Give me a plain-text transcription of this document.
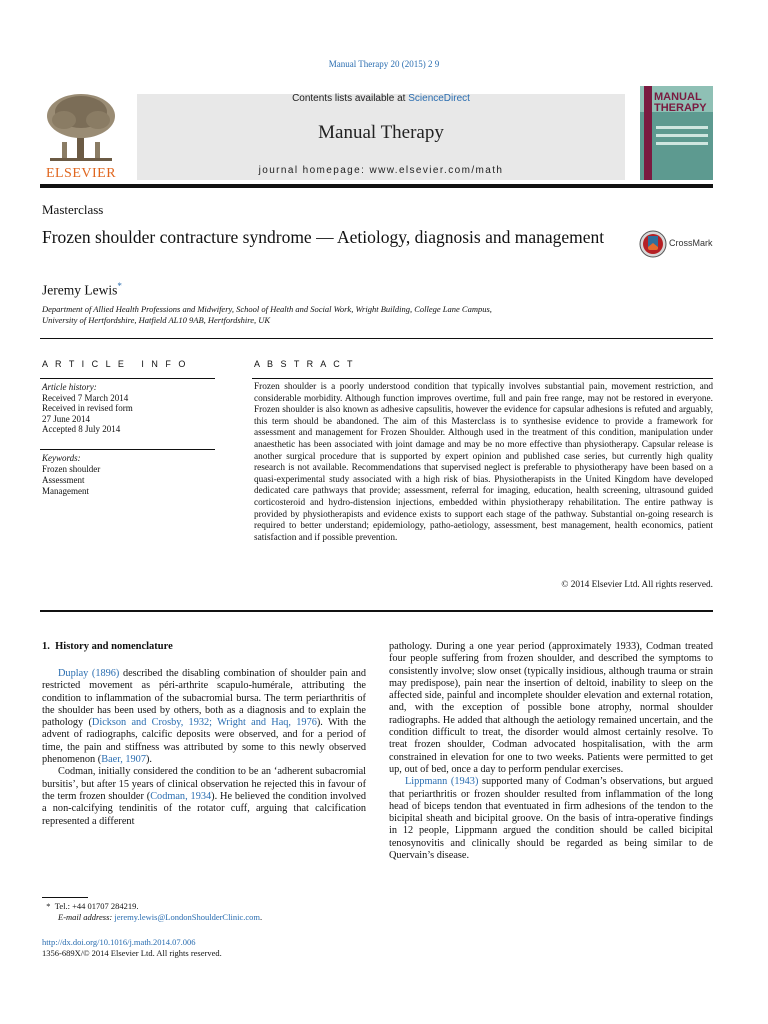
Manual Therapy 20 (2015) 2 9
ELSEVIER
Contents lists available at ScienceDirect
Manual Therapy
journal homepage: www.elsevier.com/math
MANUAL THERAPY
Masterclass
Frozen shoulder contracture syndrome — Aetiology, diagnosis and management	CrossMark
Jeremy Lewis*
Department of Allied Health Professions and Midwifery, School of Health and Social Work, Wright Building, College Lane Campus,
University of Hertfordshire, Hatfield AL10 9AB, Hertfordshire, UK
A R T I C L E   I N F O
Article history:
Received 7 March 2014
Received in revised form
27 June 2014
Accepted 8 July 2014
Keywords:
Frozen shoulder
Assessment
Management
A B S T R A C T
Frozen shoulder is a poorly understood condition that typically involves substantial pain, movement restriction, and considerable morbidity. Although function improves overtime, full and pain free range, may not be restored in everyone. Frozen shoulder is also known as adhesive capsulitis, however the evidence for capsular adhesions is refuted and arguably, this term should be abandoned. The aim of this Masterclass is to synthesise evidence to provide a framework for assessment and management for Frozen Shoulder. Although used in the treatment of this condition, manipulation under anaesthetic has been associated with joint damage and may be no more effective than physiotherapy. Capsular release is another surgical procedure that is supported by expert opinion and published case series, but currently high quality research is not available. Recommendations that supervised neglect is preferable to physiotherapy have been based on a quasi-experimental study associated with a high risk of bias. Physiotherapists in the United Kingdom have developed dedicated care pathways that provide; assessment, referral for imaging, education, health screening, ultrasound guided corticosteroid and hydro-distension injections, embedded within physiotherapy rehabilitation. The entire pathway is provided by physiotherapists and evidence exists to support each stage of the pathway. Substantial on-going research is required to better understand; epidemiology, patho-aetiology, assessment, best management, health economics, patient satisfaction and if possible prevention.
© 2014 Elsevier Ltd. All rights reserved.
1.  History and nomenclature

Duplay (1896) described the disabling combination of shoulder pain and restricted movement as péri-arthrite scapulo-humérale, attributing the condition to inflammation of the subacromial bursa. The term periarthritis of the shoulder has been used by others, both as a diagnosis and to explain the pathology (Dickson and Crosby, 1932; Wright and Haq, 1976). With the advent of radiographs, calcific deposits were observed, and for a period of time, the pain and stiffness was attributed by some to this newly observed phenomenon (Baer, 1907).

Codman, initially considered the condition to be an ‘adherent subacromial bursitis’, but after 15 years of clinical observation he rejected this in favour of the term frozen shoulder (Codman, 1934). He believed the condition involved a non-calcifying tendinitis of the rotator cuff, arguing that calcification represented a different

pathology. During a one year period (approximately 1933), Codman treated four people suffering from frozen shoulder, and described the symptoms to consistently involve; slow onset (typically insidious, although trauma or strain may predispose), pain near the insertion of deltoid, inability to sleep on the affected side, painful and incomplete shoulder elevation and external rotation, and, with the exception of possible bone atrophy, normal shoulder radiographs. He added that although the aetiology remained uncertain, and the condition difficult to treat, the disorder would almost certainly resolve. To treat frozen shoulder, Codman advocated hospitalisation, with the arm constrained in elevation for one to two weeks. Patients were permitted to get up, out of bed, once a day to perform pendular exercises.

Lippmann (1943) supported many of Codman’s observations, but argued that periarthritis or frozen shoulder resulted from inflammation of the long head of biceps tendon that eventuated in firm adhesions of the tendon to the bicipital sheath and bicipital groove. On the basis of intra-operative findings in 12 people, Lippmann argued the condition should be called bicipital tenosynovitis and clinically should be regarded as being similar to de Quervain’s disease.

* Tel.: +44 01707 284219.
E-mail address: jeremy.lewis@LondonShoulderClinic.com.
http://dx.doi.org/10.1016/j.math.2014.07.006
1356-689X/© 2014 Elsevier Ltd. All rights reserved.
